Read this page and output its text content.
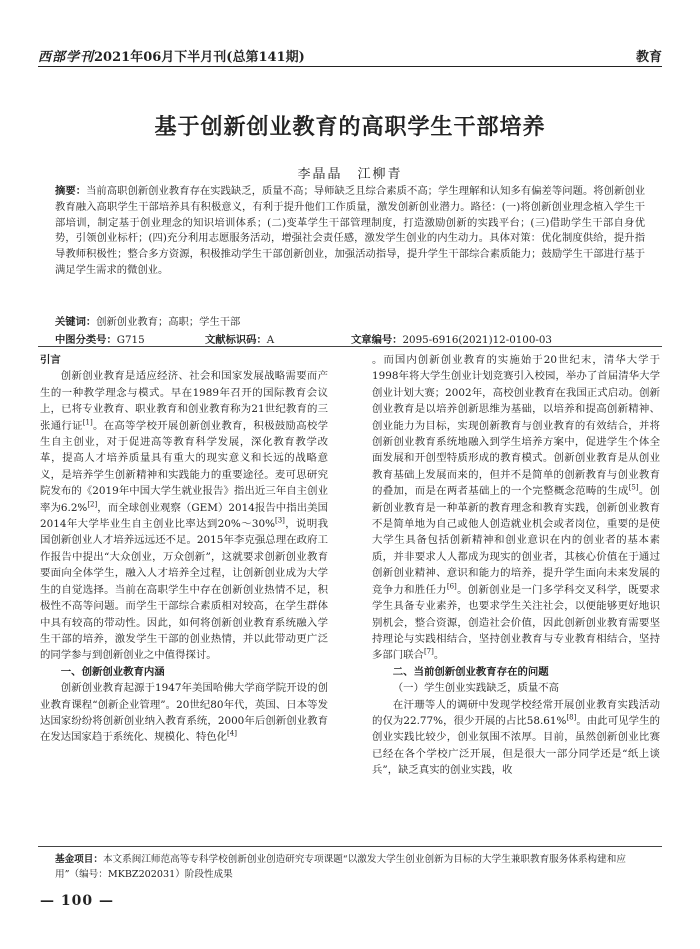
西部学刊2021年06月下半月刊(总第141期)	教育
基于创新创业教育的高职学生干部培养
李晶晶　江柳青
摘要：当前高职创新创业教育存在实践缺乏，质量不高；导师缺乏且综合素质不高；学生理解和认知多有偏差等问题。将创新创业教育融入高职学生干部培养具有积极意义，有利于提升他们工作质量，激发创新创业潜力。路径：(一)将创新创业理念植入学生干部培训，制定基于创业理念的知识培训体系；(二)变革学生干部管理制度，打造激励创新的实践平台；(三)借助学生干部自身优势，引领创业标杆；(四)充分利用志愿服务活动，增强社会责任感，激发学生创业的内生动力。具体对策：优化制度供给，提升指导教师积极性；整合多方资源，积极推动学生干部创新创业，加强活动指导，提升学生干部综合素质能力；鼓励学生干部进行基于满足学生需求的微创业。
关键词：创新创业教育；高职；学生干部
中图分类号：G715	文献标识码：A	文章编号：2095-6916(2021)12-0100-03

引言

创新创业教育是适应经济、社会和国家发展战略需要而产生的一种教学理念与模式。早在1989年召开的国际教育会议上，已将专业教育、职业教育和创业教育称为21世纪教育的三张通行证[1]。在高等学校开展创新创业教育，积极鼓励高校学生自主创业，对于促进高等教育科学发展，深化教育教学改革，提高人才培养质量具有重大的现实意义和长远的战略意义，是培养学生创新精神和实践能力的重要途径。麦可思研究院发布的《2019年中国大学生就业报告》指出近三年自主创业率为6.2%[2]，而全球创业观察（GEM）2014报告中指出美国2014年大学毕业生自主创业比率达到20%～30%[3]，说明我国创新创业人才培养远远还不足。2015年李克强总理在政府工作报告中提出“大众创业，万众创新”，这就要求创新创业教育要面向全体学生，融入人才培养全过程，让创新创业成为大学生的自觉选择。当前在高职学生中存在创新创业热情不足，积极性不高等问题。而学生干部综合素质相对较高，在学生群体中具有较高的带动性。因此，如何将创新创业教育系统融入学生干部的培养，激发学生干部的创业热情，并以此带动更广泛的同学参与到创新创业之中值得探讨。

一、创新创业教育内涵

创新创业教育起源于1947年美国哈佛大学商学院开设的创业教育课程“创新企业管理”。20世纪80年代，英国、日本等发达国家纷纷将创新创业纳入教育系统，2000年后创新创业教育在发达国家趋于系统化、规模化、特色化[4]

。而国内创新创业教育的实施始于20世纪末，清华大学于1998年将大学生创业计划竞赛引入校园，举办了首届清华大学创业计划大赛；2002年，高校创业教育在我国正式启动。创新创业教育是以培养创新思维为基础，以培养和提高创新精神、创业能力为目标，实现创新教育与创业教育的有效结合，并将创新创业教育系统地融入到学生培养方案中，促进学生个体全面发展和开创型特质形成的教育模式。创新创业教育是从创业教育基础上发展而来的，但并不是简单的创新教育与创业教育的叠加，而是在两者基础上的一个完整概念范畴的生成[5]。创新创业教育是一种革新的教育理念和教育实践，创新创业教育不是简单地为自己或他人创造就业机会或者岗位，重要的是使大学生具备包括创新精神和创业意识在内的创业者的基本素质，并非要求人人都成为现实的创业者，其核心价值在于通过创新创业精神、意识和能力的培养，提升学生面向未来发展的竞争力和胜任力[6]。创新创业是一门多学科交叉科学，既要求学生具备专业素养，也要求学生关注社会，以便能够更好地识别机会，整合资源，创造社会价值，因此创新创业教育需要坚持理论与实践相结合，坚持创业教育与专业教育相结合，坚持多部门联合[7]。

二、当前创新创业教育存在的问题

（一）学生创业实践缺乏，质量不高

在汗珊等人的调研中发现学校经常开展创业教育实践活动的仅为22.77%，很少开展的占比58.61%[8]。由此可见学生的创业实践比较少，创业氛围不浓厚。目前，虽然创新创业比赛已经在各个学校广泛开展，但是很大一部分同学还是“纸上谈兵”，缺乏真实的创业实践，收

基金项目：本文系闽江师范高等专科学校创新创业创造研究专项课题“以激发大学生创业创新为目标的大学生兼职教育服务体系构建和应用”（编号：MKBZ202031）阶段性成果
— 100 —
